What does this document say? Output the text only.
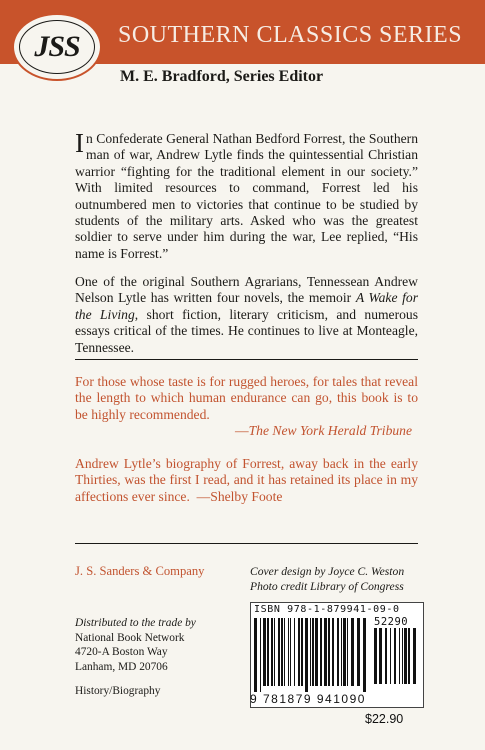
SOUTHERN CLASSICS SERIES
JSS
M. E. Bradford, Series Editor

In Confederate General Nathan Bedford Forrest, the Southern man of war, Andrew Lytle finds the quintessential Christian warrior “fighting for the traditional element in our society.” With limited resources to command, Forrest led his outnumbered men to victories that continue to be studied by students of the military arts. Asked who was the greatest soldier to serve under him during the war, Lee replied, “His name is Forrest.”

One of the original Southern Agrarians, Tennessean Andrew Nelson Lytle has written four novels, the memoir A Wake for the Living, short fiction, literary criticism, and numerous essays critical of the times. He continues to live at Monteagle, Tennessee.

For those whose taste is for rugged heroes, for tales that reveal the length to which human endurance can go, this book is to be highly recommended.

—The New York Herald Tribune

Andrew Lytle’s biography of Forrest, away back in the early Thirties, was the first I read, and it has retained its place in my affections ever since. —Shelby Foote

J. S. Sanders & Company	Cover design by Joyce C. Weston
Photo credit Library of Congress
Distributed to the trade by
National Book Network
4720-A Boston Way
Lanham, MD 20706
History/Biography
ISBN 978-1-879941-09-0
52290
9 781879 941090
$22.90
